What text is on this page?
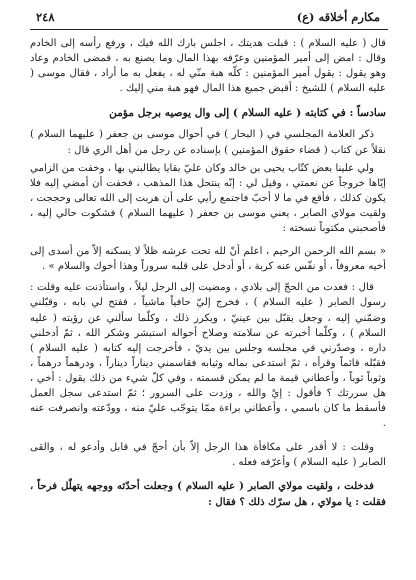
٢٤٨	مكارم أخلاقه (ع)

قال ( عليه السلام ) : قبلت هديتك ، اجلس بارك الله فيك ، ورفع رأسه إلى الخادم وقال : امض إلى أمير المؤمنين وعرّفه بهذا المال وما يصنع به ، فمضى الخادم وعاد وهو يقول : يقول أمير المؤمنين : كلّه هبة منّي له ، يفعل به ما أراد ، فقال موسى ( عليه السلام ) للشيخ : أقبض جميع هذا المال فهو هبة مني إليك .

سادساً : في كتابته ( عليه السلام ) إلى وال يوصيه برجل مؤمن

ذكر العلامة المجلسي في ( البحار ) في أحوال موسى بن جعفر ( عليهما السلام ) نقلاً عن كتاب ( قضاء حقوق المؤمنين ) بإسناده عن رجل من أهل الري قال :

ولي علينا بعض كتّاب يحيى بن خالد وكان عليّ بقايا يطالبني بها ، وخفت من الزامي إيّاها خروجاً عن نعمتي ، وقيل لي : إنّه ينتحل هذا المذهب ، فخفت أن أمضي إليه فلا يكون كذلك ، فأقع في ما لا أحبّ فاجتمع رأيي على أن هربت إلى الله تعالى وحججت ، ولقيت مولاي الصابر ، يعني موسى بن جعفر ( عليهما السلام ) فشكوت حالي إليه ، فأصحبني مكتوباً نسخته :

« بسم الله الرحمن الرحيم ، اعلم أنّ لله تحت عرشه ظلاً لا يسكنه إلاّ من أسدى إلى أخيه معروفاً ، أو نفّس عنه كربة ، أو أدخل على قلبه سروراً وهذا أخوك والسلام » .

قال : فعدت من الحجّ إلى بلادي ، ومضيت إلى الرجل ليلاً ، واستأذنت عليه وقلت : رسول الصابر ( عليه السلام ) ، فخرج إليّ حافياً ماشياً ، ففتح لي بابه ، وقبّلني وضمّني إليه ، وجعل يقبّل بين عينيّ ، ويكرر ذلك ، وكلّما سألني عن رؤيته ( عليه السلام ) ، وكلّما أخبرته عن سلامته وصلاح أحواله استبشر وشكر الله ، ثمّ أدخلني داره ، وصدّرني في مجلسه وجلس بين يديّ ، فأخرجت إليه كتابه ( عليه السلام ) فقبّله قائماً وقرأه ، ثمّ استدعى بماله وثيابه فقاسمني ديناراً ديناراً ، ودرهماً درهماً ، وثوباً ثوباً ، وأعطاني قيمة ما لم يمكن قسمته ، وفي كلّ شيء من ذلك يقول : أخي ، هل سررتك ؟ فأقول : إيْ والله ، وزدت على السرور ؛ ثمّ استدعى سجل العمل فأسقط ما كان باسمي ، وأعطاني براءة ممّا يتوجّب عليّ منه ، وودّعته وانصرفت عنه .

وقلت : لا أقدر على مكافأة هذا الرجل إلاّ بأن أحجّ في قابل وأدعو له ، والقى الصابر ( عليه السلام ) وأعرّفه فعله .

فدخلت ، ولقيت مولاي الصابر ( عليه السلام ) وجعلت أحدّثه ووجهه يتهلّل فرحاً ، فقلت : يا مولاي ، هل سرّك ذلك ؟ فقال :
